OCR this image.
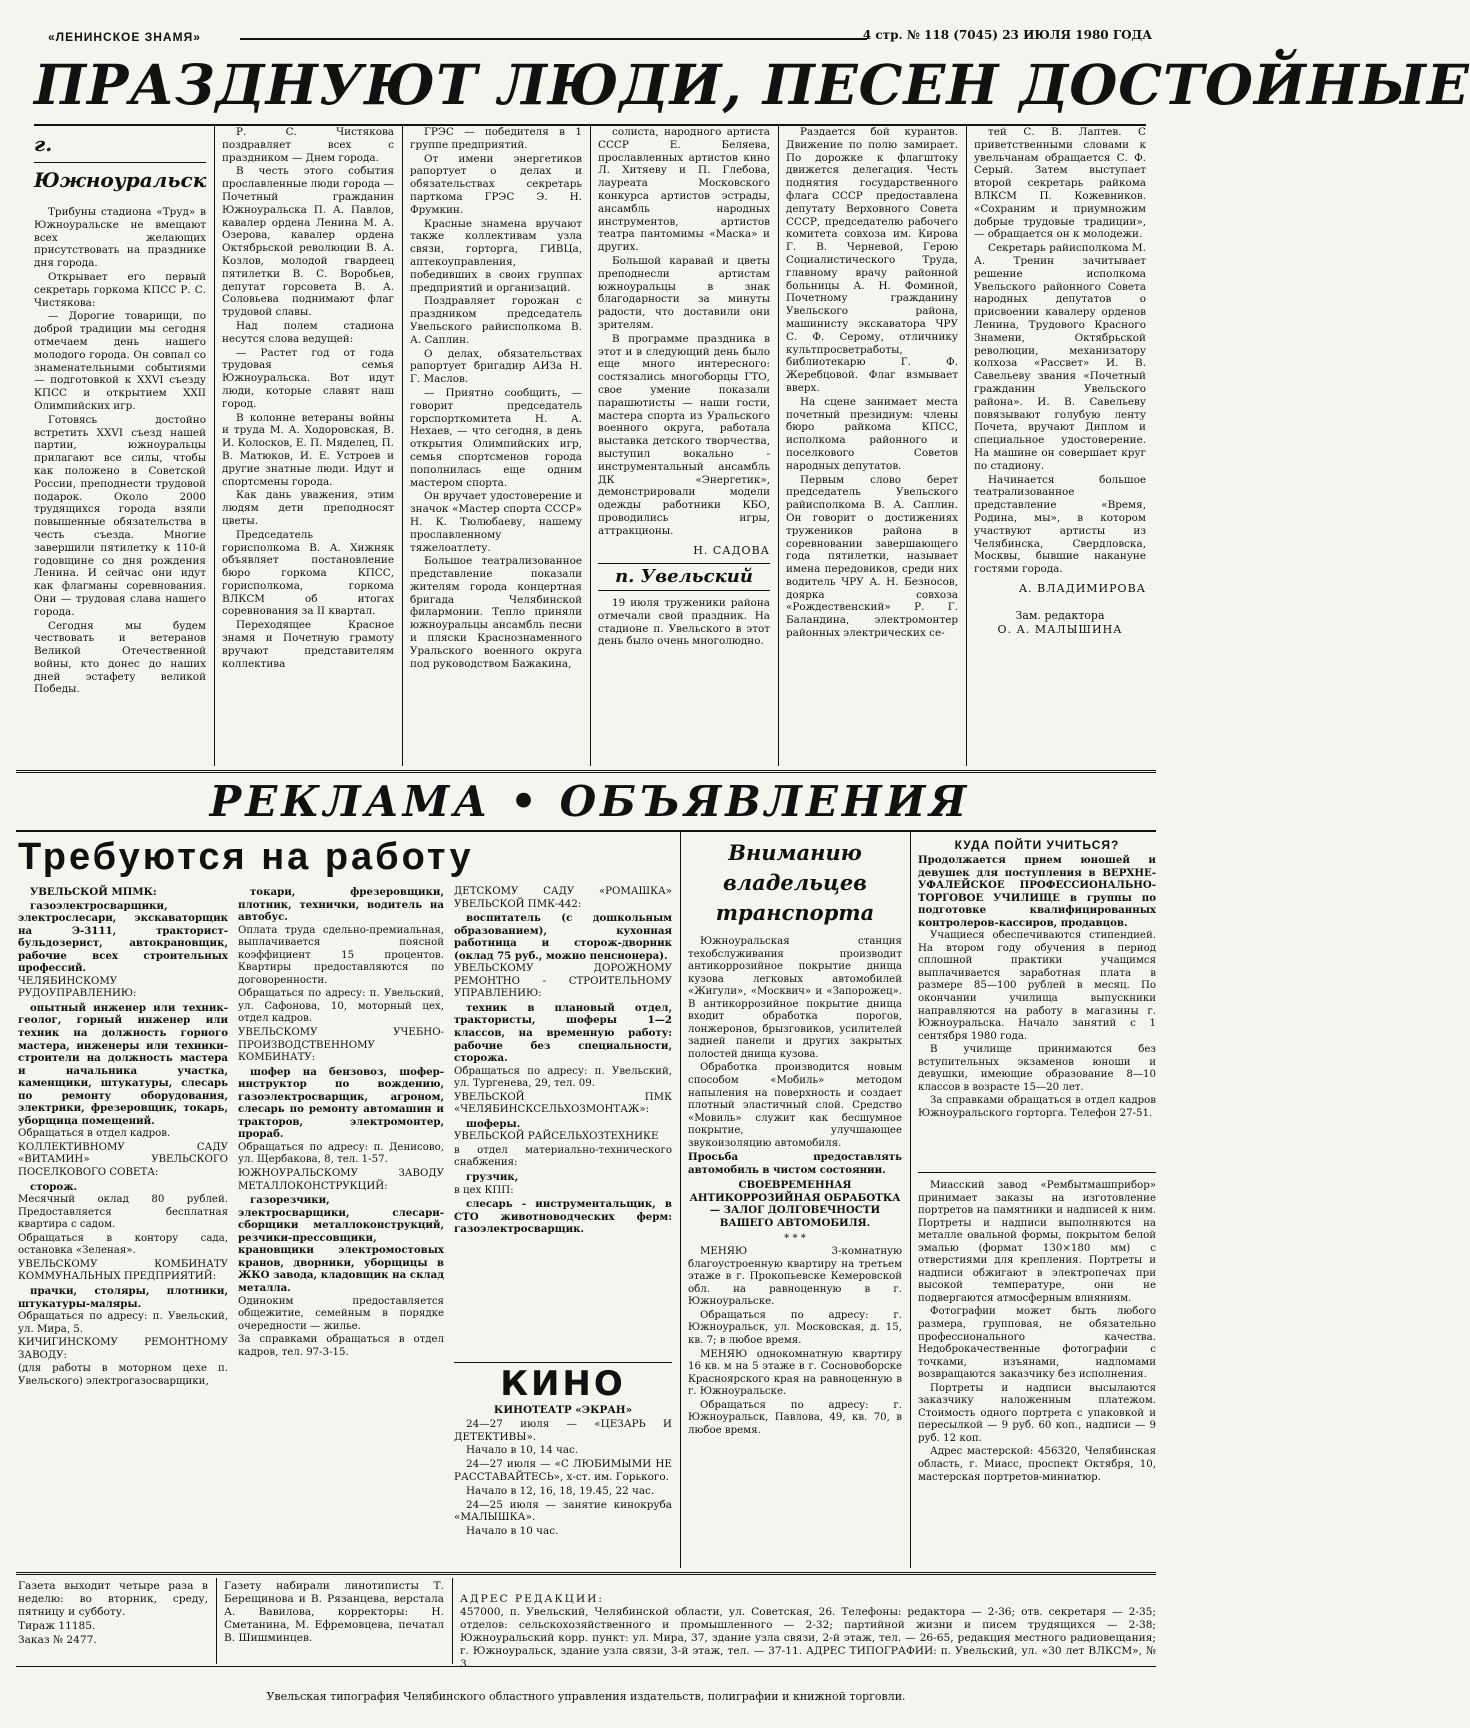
«ЛЕНИНСКОЕ ЗНАМЯ»	4 стр. № 118 (7045) 23 ИЮЛЯ 1980 ГОДА
ПРАЗДНУЮТ ЛЮДИ, ПЕСЕН ДОСТОЙНЫЕ
г. Южноуральск

Трибуны стадиона «Труд» в Южноуральске не вмещают всех желающих присутствовать на празднике дня города.

Открывает его первый секретарь горкома КПСС Р. С. Чистякова:

— Дорогие товарищи, по доброй традиции мы сегодня отмечаем день нашего молодого города. Он совпал со знаменательными событиями — подготовкой к XXVI съезду КПСС и открытием XXII Олимпийских игр.

Готовясь достойно встретить XXVI съезд нашей партии, южноуральцы прилагают все силы, чтобы как положено в Советской России, преподнести трудовой подарок. Около 2000 трудящихся города взяли повышенные обязательства в честь съезда. Многие завершили пятилетку к 110-й годовщине со дня рождения Ленина. И сейчас они идут как флагманы соревнования. Они — трудовая слава нашего города.

Сегодня мы будем чествовать и ветеранов Великой Отечественной войны, кто донес до наших дней эстафету великой Победы.

Р. С. Чистякова поздравляет всех с праздником — Днем города.

В честь этого события прославленные люди города — Почетный гражданин Южноуральска П. А. Павлов, кавалер ордена Ленина М. А. Озерова, кавалер ордена Октябрьской революции В. А. Козлов, молодой гвардеец пятилетки В. С. Воробьев, депутат горсовета В. А. Соловьева поднимают флаг трудовой славы.

Над полем стадиона несутся слова ведущей:

— Растет год от года трудовая семья Южноуральска. Вот идут люди, которые славят наш город.

В колонне ветераны войны и труда М. А. Ходоровская, В. И. Колосков, Е. П. Мяделец, П. В. Матюков, И. Е. Устроев и другие знатные люди. Идут и спортсмены города.

Как дань уважения, этим людям дети преподносят цветы.

Председатель горисполкома В. А. Хижняк объявляет постановление бюро горкома КПСС, горисполкома, горкома ВЛКСМ об итогах соревнования за II квартал.

Переходящее Красное знамя и Почетную грамоту вручают представителям коллектива

ГРЭС — победителя в 1 группе предприятий.

От имени энергетиков рапортует о делах и обязательствах секретарь парткома ГРЭС Э. Н. Фрумкин.

Красные знамена вручают также коллективам узла связи, горторга, ГИВЦа, аптекоуправления, победивших в своих группах предприятий и организаций.

Поздравляет горожан с праздником председатель Увельского райисполкома В. А. Саплин.

О делах, обязательствах рапортует бригадир АИЗа Н. Г. Маслов.

— Приятно сообщить, — говорит председатель горспорткомитета Н. А. Нехаев, — что сегодня, в день открытия Олимпийских игр, семья спортсменов города пополнилась еще одним мастером спорта.

Он вручает удостоверение и значок «Мастер спорта СССР» Н. К. Тюлюбаеву, нашему прославленному тяжелоатлету.

Большое театрализованное представление показали жителям города концертная бригада Челябинской филармонии. Тепло приняли южноуральцы ансамбль песни и пляски Краснознаменного Уральского военного округа под руководством Бажакина,

солиста, народного артиста СССР Е. Беляева, прославленных артистов кино Л. Хитяеву и П. Глебова, лауреата Московского конкурса артистов эстрады, ансамбль народных инструментов, артистов театра пантомимы «Маска» и других.

Большой каравай и цветы преподнесли артистам южноуральцы в знак благодарности за минуты радости, что доставили они зрителям.

В программе праздника в этот и в следующий день было еще много интересного: состязались многоборцы ГТО, свое умение показали парашютисты — наши гости, мастера спорта из Уральского военного округа, работала выставка детского творчества, выступил вокально - инструментальный ансамбль ДК «Энергетик», демонстрировали модели одежды работники КБО, проводились игры, аттракционы.

Н. САДОВА
п. Увельский

19 июля труженики района отмечали свой праздник. На стадионе п. Увельского в этот день было очень многолюдно.

Раздается бой курантов. Движение по полю замирает. По дорожке к флагштоку движется делегация. Честь поднятия государственного флага СССР предоставлена депутату Верховного Совета СССР, председателю рабочего комитета совхоза им. Кирова Г. В. Черневой, Герою Социалистического Труда, главному врачу районной больницы А. Н. Фоминой, Почетному гражданину Увельского района, машинисту экскаватора ЧРУ С. Ф. Серому, отличнику культпросветработы, библиотекарю Г. Ф. Жеребцовой. Флаг взмывает вверх.

На сцене занимает места почетный президиум: члены бюро райкома КПСС, исполкома районного и поселкового Советов народных депутатов.

Первым слово берет председатель Увельского райисполкома В. А. Саплин. Он говорит о достижениях тружеников района в соревновании завершающего года пятилетки, называет имена передовиков, среди них водитель ЧРУ А. Н. Безносов, доярка совхоза «Рождественский» Р. Г. Баландина, электромонтер районных электрических се-

тей С. В. Лаптев. С приветственными словами к увельчанам обращается С. Ф. Серый. Затем выступает второй секретарь райкома ВЛКСМ П. Кожевников. «Сохраним и приумножим добрые трудовые традиции», — обращается он к молодежи.

Секретарь райисполкома М. А. Тренин зачитывает решение исполкома Увельского районного Совета народных депутатов о присвоении кавалеру орденов Ленина, Трудового Красного Знамени, Октябрьской революции, механизатору колхоза «Рассвет» И. В. Савельеву звания «Почетный гражданин Увельского района». И. В. Савельеву повязывают голубую ленту Почета, вручают Диплом и специальное удостоверение. На машине он совершает круг по стадиону.

Начинается большое театрализованное представление «Время, Родина, мы», в котором участвуют артисты из Челябинска, Свердловска, Москвы, бывшие накануне гостями города.

А. ВЛАДИМИРОВА
Зам. редактора
О. А. МАЛЫШИНА
РЕКЛАМА • ОБЪЯВЛЕНИЯ
Требуются на работу

УВЕЛЬСКОЙ МПМК:

газоэлектросварщики, электрослесари, экскаваторщик на Э-3111, тракторист-бульдозерист, автокрановщик, рабочие всех строительных профессий.

ЧЕЛЯБИНСКОМУ РУДОУПРАВЛЕНИЮ:

опытный инженер или техник-геолог, горный инженер или техник на должность горного мастера, инженеры или техники-строители на должность мастера и начальника участка, каменщики, штукатуры, слесарь по ремонту оборудования, электрики, фрезеровщик, токарь, уборщица помещений.

Обращаться в отдел кадров.

КОЛЛЕКТИВНОМУ САДУ «ВИТАМИН» УВЕЛЬСКОГО ПОСЕЛКОВОГО СОВЕТА:

сторож.

Месячный оклад 80 рублей. Предоставляется бесплатная квартира с садом.

Обращаться в контору сада, остановка «Зеленая».

УВЕЛЬСКОМУ КОМБИНАТУ КОММУНАЛЬНЫХ ПРЕДПРИЯТИЙ:

прачки, столяры, плотники, штукатуры-маляры.

Обращаться по адресу: п. Увельский, ул. Мира, 5.

КИЧИГИНСКОМУ РЕМОНТНОМУ ЗАВОДУ:

(для работы в моторном цехе п. Увельского) электрогазосварщики,

токари, фрезеровщики, плотник, технички, водитель на автобус.

Оплата труда сдельно-премиальная, выплачивается поясной коэффициент 15 процентов. Квартиры предоставляются по договоренности.

Обращаться по адресу: п. Увельский, ул. Сафонова, 10, моторный цех, отдел кадров.

УВЕЛЬСКОМУ УЧЕБНО-ПРОИЗВОДСТВЕННОМУ КОМБИНАТУ:

шофер на бензовоз, шофер-инструктор по вождению, газоэлектросварщик, агроном, слесарь по ремонту автомашин и тракторов, электромонтер, прораб.

Обращаться по адресу: п. Денисово, ул. Щербакова, 8, тел. 1-57.

ЮЖНОУРАЛЬСКОМУ ЗАВОДУ МЕТАЛЛОКОНСТРУКЦИЙ:

газорезчики, электросварщики, слесари-сборщики металлоконструкций, резчики-прессовщики, крановщики электромостовых кранов, дворники, уборщицы в ЖКО завода, кладовщик на склад металла.

Одиноким предоставляется общежитие, семейным в порядке очередности — жилье.

За справками обращаться в отдел кадров, тел. 97-3-15.

ДЕТСКОМУ САДУ «РОМАШКА» УВЕЛЬСКОЙ ПМК-442:

воспитатель (с дошкольным образованием), кухонная работница и сторож-дворник (оклад 75 руб., можно пенсионера).

УВЕЛЬСКОМУ ДОРОЖНОМУ РЕМОНТНО - СТРОИТЕЛЬНОМУ УПРАВЛЕНИЮ:

техник в плановый отдел, трактористы, шоферы 1—2 классов, на временную работу: рабочие без специальности, сторожа.

Обращаться по адресу: п. Увельский, ул. Тургенева, 29, тел. 09.

УВЕЛЬСКОЙ ПМК «ЧЕЛЯБИНСКСЕЛЬХОЗМОНТАЖ»:

шоферы.

УВЕЛЬСКОЙ РАЙСЕЛЬХОЗТЕХНИКЕ

в отдел материально-технического снабжения:

грузчик,

в цех КПП:

слесарь - инструментальщик, в СТО животноводческих ферм: газоэлектросварщик.

КИНО

КИНОТЕАТР «ЭКРАН»

24—27 июля — «ЦЕЗАРЬ И ДЕТЕКТИВЫ».

Начало в 10, 14 час.

24—27 июля — «С ЛЮБИМЫМИ НЕ РАССТАВАЙТЕСЬ», х-ст. им. Горького.

Начало в 12, 16, 18, 19.45, 22 час.

24—25 июля — занятие кинокруба «МАЛЫШКА».

Начало в 10 час.

Вниманию владельцев транспорта

Южноуральская станция техобслуживания производит антикоррозийное покрытие днища кузова легковых автомобилей «Жигули», «Москвич» и «Запорожец». В антикоррозийное покрытие днища входит обработка порогов, лонжеронов, брызговиков, усилителей задней панели и других закрытых полостей днища кузова.

Обработка производится новым способом «Мобиль» методом напыления на поверхность и создает плотный эластичный слой. Средство «Мовиль» служит как бесшумное покрытие, улучшающее звукоизоляцию автомобиля.

Просьба предоставлять автомобиль в чистом состоянии.

СВОЕВРЕМЕННАЯ АНТИКОРРОЗИЙНАЯ ОБРАБОТКА — ЗАЛОГ ДОЛГОВЕЧНОСТИ ВАШЕГО АВТОМОБИЛЯ.

* * *

МЕНЯЮ 3-комнатную благоустроенную квартиру на третьем этаже в г. Прокопьевске Кемеровской обл. на равноценную в г. Южноуральске.

Обращаться по адресу: г. Южноуральск, ул. Московская, д. 15, кв. 7; в любое время.

МЕНЯЮ однокомнатную квартиру 16 кв. м на 5 этаже в г. Сосновоборске Красноярского края на равноценную в г. Южноуральске.

Обращаться по адресу: г. Южноуральск, Павлова, 49, кв. 70, в любое время.

КУДА ПОЙТИ УЧИТЬСЯ?

Продолжается прием юношей и девушек для поступления в ВЕРХНЕ-УФАЛЕЙСКОЕ ПРОФЕССИОНАЛЬНО-ТОРГОВОЕ УЧИЛИЩЕ в группы по подготовке квалифицированных контролеров-кассиров, продавцов.

Учащиеся обеспечиваются стипендией. На втором году обучения в период сплошной практики учащимся выплачивается заработная плата в размере 85—100 рублей в месяц. По окончании училища выпускники направляются на работу в магазины г. Южноуральска. Начало занятий с 1 сентября 1980 года.

В училище принимаются без вступительных экзаменов юноши и девушки, имеющие образование 8—10 классов в возрасте 15—20 лет.

За справками обращаться в отдел кадров Южноуральского горторга. Телефон 27-51.

Миасский завод «Рембытмашприбор» принимает заказы на изготовление портретов на памятники и надписей к ним. Портреты и надписи выполняются на металле овальной формы, покрытом белой эмалью (формат 130×180 мм) с отверстиями для крепления. Портреты и надписи обжигают в электропечах при высокой температуре, они не подвергаются атмосферным влияниям.

Фотографии может быть любого размера, групповая, не обязательно профессионального качества. Недоброкачественные фотографии с точками, изъянами, надломами возвращаются заказчику без исполнения.

Портреты и надписи высылаются заказчику наложенным платежом. Стоимость одного портрета с упаковкой и пересылкой — 9 руб. 60 коп., надписи — 9 руб. 12 коп.

Адрес мастерской: 456320, Челябинская область, г. Миасс, проспект Октября, 10, мастерская портретов-миниатюр.

Газета выходит четыре раза в неделю: во вторник, среду, пятницу и субботу.

Тираж 11185.

Заказ № 2477.

Газету набирали линотиписты Т. Берещинова и В. Рязанцева, верстала А. Вавилова, корректоры: Н. Сметанина, М. Ефремовцева, печатал В. Шишминцев.

АДРЕС РЕДАКЦИИ:
457000, п. Увельский, Челябинской области, ул. Советская, 26. Телефоны: редактора — 2-36; отв. секретаря — 2-35; отделов: сельскохозяйственного и промышленного — 2-32; партийной жизни и писем трудящихся — 2-38; Южноуральский корр. пункт: ул. Мира, 37, здание узла связи, 2-й этаж, тел. — 26-65, редакция местного радиовещания; г. Южноуральск, здание узла связи, 3-й этаж, тел. — 37-11. АДРЕС ТИПОГРАФИИ: п. Увельский, ул. «30 лет ВЛКСМ», № 3.

Увельская типография Челябинского областного управления издательств, полиграфии и книжной торговли.
